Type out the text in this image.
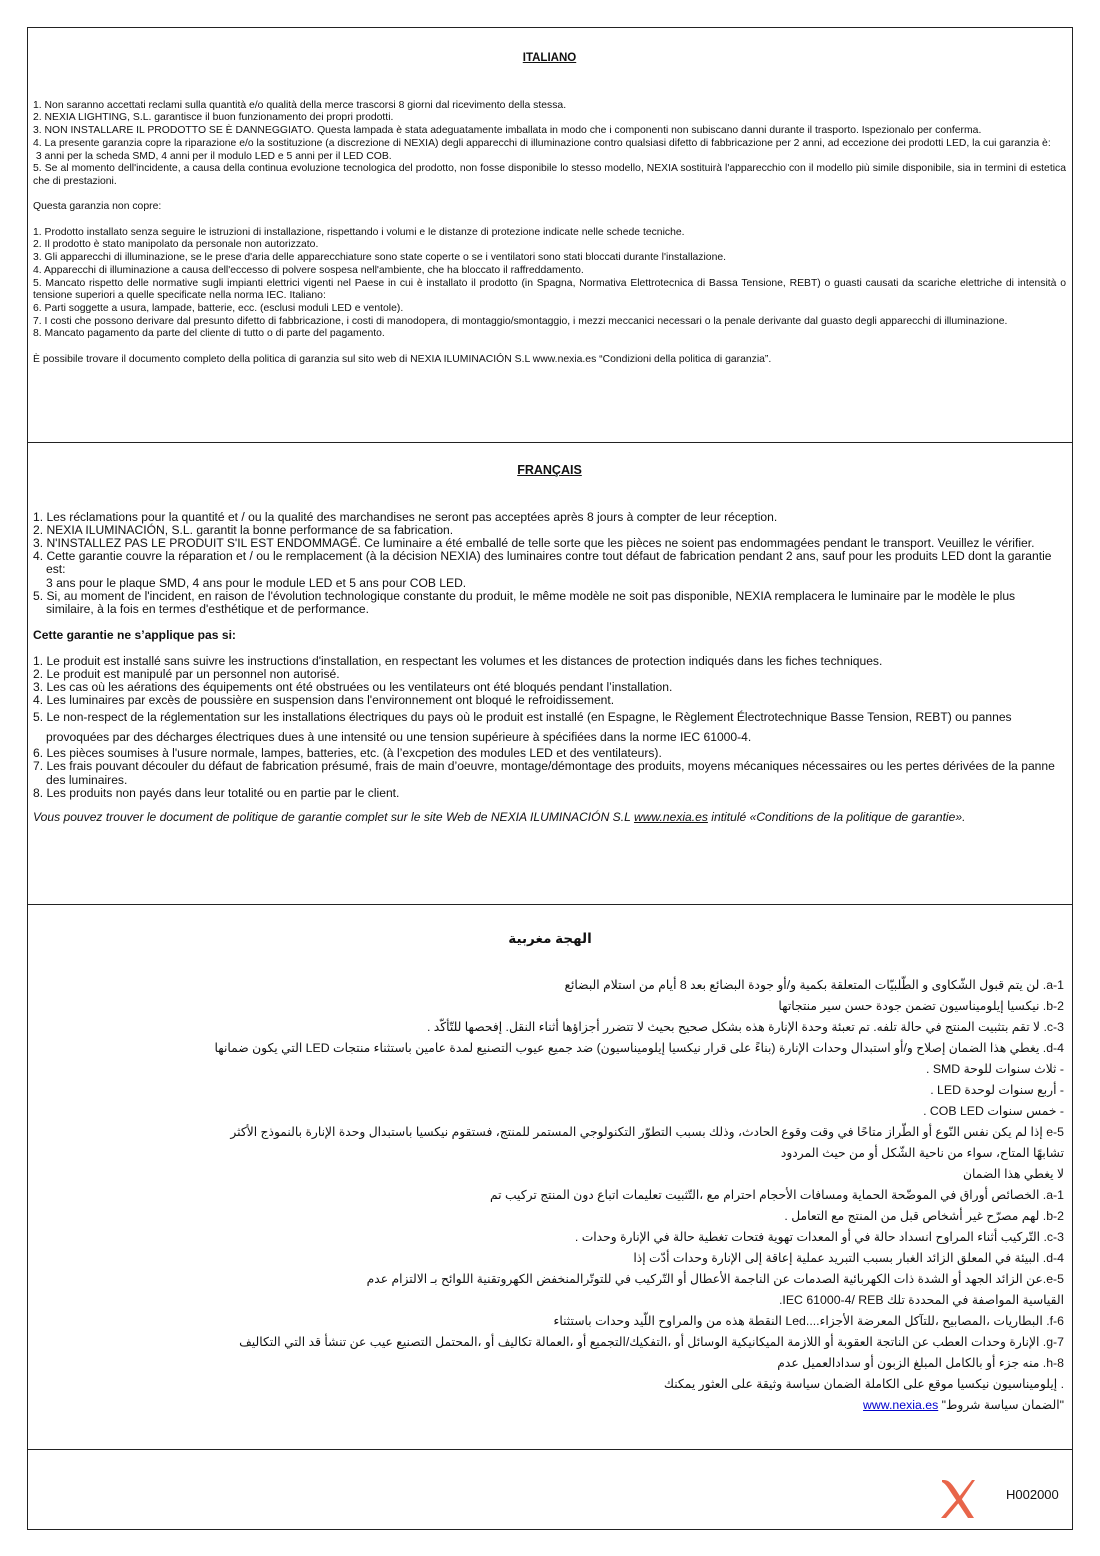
ITALIANO

1. Non saranno accettati reclami sulla quantità e/o qualità della merce trascorsi 8 giorni dal ricevimento della stessa.

2. NEXIA LIGHTING, S.L. garantisce il buon funzionamento dei propri prodotti.

3. NON INSTALLARE IL PRODOTTO SE È DANNEGGIATO. Questa lampada è stata adeguatamente imballata in modo che i componenti non subiscano danni durante il trasporto. Ispezionalo per conferma.

4. La presente garanzia copre la riparazione e/o la sostituzione (a discrezione di NEXIA) degli apparecchi di illuminazione contro qualsiasi difetto di fabbricazione per 2 anni, ad eccezione dei prodotti LED, la cui garanzia è:

3 anni per la scheda SMD, 4 anni per il modulo LED e 5 anni per il LED COB.

5. Se al momento dell'incidente, a causa della continua evoluzione tecnologica del prodotto, non fosse disponibile lo stesso modello, NEXIA sostituirà l'apparecchio con il modello più simile disponibile, sia in termini di estetica che di prestazioni.

Questa garanzia non copre:

1. Prodotto installato senza seguire le istruzioni di installazione, rispettando i volumi e le distanze di protezione indicate nelle schede tecniche.

2. Il prodotto è stato manipolato da personale non autorizzato.

3. Gli apparecchi di illuminazione, se le prese d'aria delle apparecchiature sono state coperte o se i ventilatori sono stati bloccati durante l'installazione.

4. Apparecchi di illuminazione a causa dell'eccesso di polvere sospesa nell'ambiente, che ha bloccato il raffreddamento.

5. Mancato rispetto delle normative sugli impianti elettrici vigenti nel Paese in cui è installato il prodotto (in Spagna, Normativa Elettrotecnica di Bassa Tensione, REBT) o guasti causati da scariche elettriche di intensità o tensione superiori a quelle specificate nella norma IEC. Italiano:

6. Parti soggette a usura, lampade, batterie, ecc. (esclusi moduli LED e ventole).

7. I costi che possono derivare dal presunto difetto di fabbricazione, i costi di manodopera, di montaggio/smontaggio, i mezzi meccanici necessari o la penale derivante dal guasto degli apparecchi di illuminazione.

8. Mancato pagamento da parte del cliente di tutto o di parte del pagamento.

È possibile trovare il documento completo della politica di garanzia sul sito web di NEXIA ILUMINACIÓN S.L www.nexia.es “Condizioni della politica di garanzia”.

FRANÇAIS
1. Les réclamations pour la quantité et / ou la qualité des marchandises ne seront pas acceptées après 8 jours à compter de leur réception.
2. NEXIA ILUMINACIÓN, S.L. garantit la bonne performance de sa fabrication.
3. N'INSTALLEZ PAS LE PRODUIT S'IL EST ENDOMMAGÉ. Ce luminaire a été emballé de telle sorte que les pièces ne soient pas endommagées pendant le transport. Veuillez le vérifier.
4. Cette garantie couvre la réparation et / ou le remplacement (à la décision NEXIA) des luminaires contre tout défaut de fabrication pendant 2 ans, sauf pour les produits LED dont la garantie est:
3 ans pour le plaque SMD, 4 ans pour le module LED et 5 ans pour COB LED.
5. Si, au moment de l'incident, en raison de l'évolution technologique constante du produit, le même modèle ne soit pas disponible, NEXIA remplacera le luminaire par le modèle le plus similaire, à la fois en termes d'esthétique et de performance.
Cette garantie ne s’applique pas si:
1. Le produit est installé sans suivre les instructions d'installation, en respectant les volumes et les distances de protection indiqués dans les fiches techniques.
2. Le produit est manipulé par un personnel non autorisé.
3. Les cas où les aérations des équipements ont été obstruées ou les ventilateurs ont été bloqués pendant l’installation.
4. Les luminaires par excès de poussière en suspension dans l'environnement ont bloqué le refroidissement.
5. Le non-respect de la réglementation sur les installations électriques du pays où le produit est installé (en Espagne, le Règlement Électrotechnique Basse Tension, REBT) ou pannes provoquées par des décharges électriques dues à une intensité ou une tension supérieure à spécifiées dans la norme IEC 61000-4.
6. Les pièces soumises à l'usure normale, lampes, batteries, etc. (à l’excpetion des modules LED et des ventilateurs).
7. Les frais pouvant découler du défaut de fabrication présumé, frais de main d’oeuvre, montage/démontage des produits, moyens mécaniques nécessaires ou les pertes dérivées de la panne des luminaires.
8. Les produits non payés dans leur totalité ou en partie par le client.
Vous pouvez trouver le document de politique de garantie complet sur le site Web de NEXIA ILUMINACIÓN S.L www.nexia.es intitulé «Conditions de la politique de garantie».
الهجة مغربية

a-1. لن يتم قبول الشّكاوى و الطّلبيّات المتعلقة بكمية و/أو جودة البضائع بعد 8 أيام من استلام البضائع

b-2. نيكسيا إيلوميناسيون تضمن جودة حسن سير منتجاتها

c-3. لا تقم بتثبيت المنتج في حالة تلفه. تم تعبئة وحدة الإنارة هذه بشكل صحيح بحيث لا تتضرر أجزاؤها أثناء النقل. إفحصها للتّأكّد .

d-4. يغطي هذا الضمان إصلاح و/أو استبدال وحدات الإنارة (بناءً على قرار نيكسيا إيلوميناسيون) ضد جميع عيوب التصنيع لمدة عامين باستثناء منتجات LED التي يكون ضمانها

- ثلاث سنوات للوحة SMD .

- أربع سنوات لوحدة LED .

- خمس سنوات COB LED .

e-5 إذا لم يكن نفس النّوع أو الطّراز متاحًا في وقت وقوع الحادث، وذلك بسبب التطوّر التكنولوجي المستمر للمنتج، فستقوم نيكسيا باستبدال وحدة الإنارة بالنموذج الأكثر

تشابهًا المتاح، سواء من ناحية الشّكل أو من حيث المردود

لا يغطي هذا الضمان

a-1. الخصائص أوراق في الموضّحة الحماية ومسافات الأحجام احترام مع ،التّثبيت تعليمات اتباع دون المنتج تركيب تم

b-2. لهم مصرّح غير أشخاص قبل من المنتج مع التعامل .

c-3. التّركيب أثناء المراوح انسداد حالة في أو المعدات تهوية فتحات تغطية حالة في الإنارة وحدات .

d-4. البيئة في المعلق الزائد الغبار بسبب التبريد عملية إعاقة إلى الإنارة وحدات أدّت إذا

e-5.عن الزائد الجهد أو الشدة ذات الكهربائية الصدمات عن الناجمة الأعطال أو التّركيب في للتوتّرالمنخفض الكهروتقنية اللوائح بـ الالتزام عدم

القياسية المواصفة في المحددة تلك IEC 61000-4/ REB.

f-6. البطاريات ،المصابيح ،للتآكل المعرضة الأجزاء....Led النقطة هذه من والمراوح اللّيد وحدات باستثناء

g-7. الإنارة وحدات العطب عن الناتجة العقوبة أو اللازمة الميكانيكية الوسائل أو ،التفكيك/التجميع أو ،العمالة تكاليف أو ،المحتمل التصنيع عيب عن تنشأ قد التي التكاليف

h-8. منه جزء أو بالكامل المبلغ الزبون أو سدادالعميل عدم

. إيلوميناسيون نيكسيا موقع على الكاملة الضمان سياسة وثيقة على العثور يمكنك

"الضمان سياسة شروط" www.nexia.es

H002000
